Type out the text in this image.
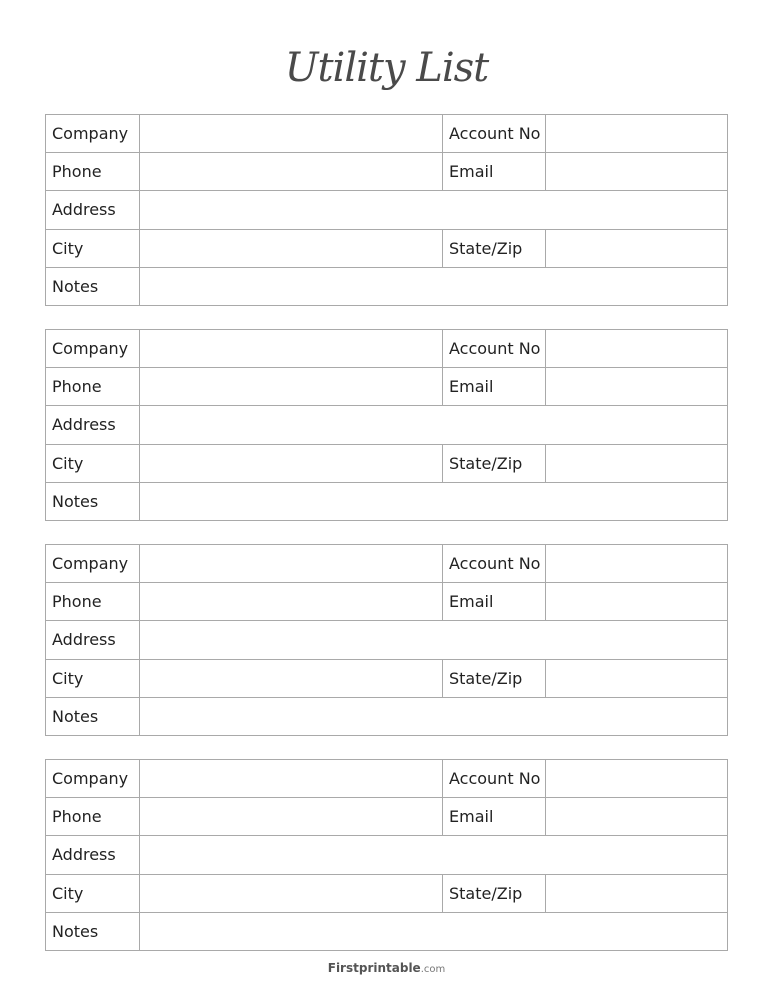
Utility List
Company		Account No	
Phone		Email	
Address			
City		State/Zip	
Notes			
Company		Account No	
Phone		Email	
Address			
City		State/Zip	
Notes			
Company		Account No	
Phone		Email	
Address			
City		State/Zip	
Notes			
Company		Account No	
Phone		Email	
Address			
City		State/Zip	
Notes			
Firstprintable.com
